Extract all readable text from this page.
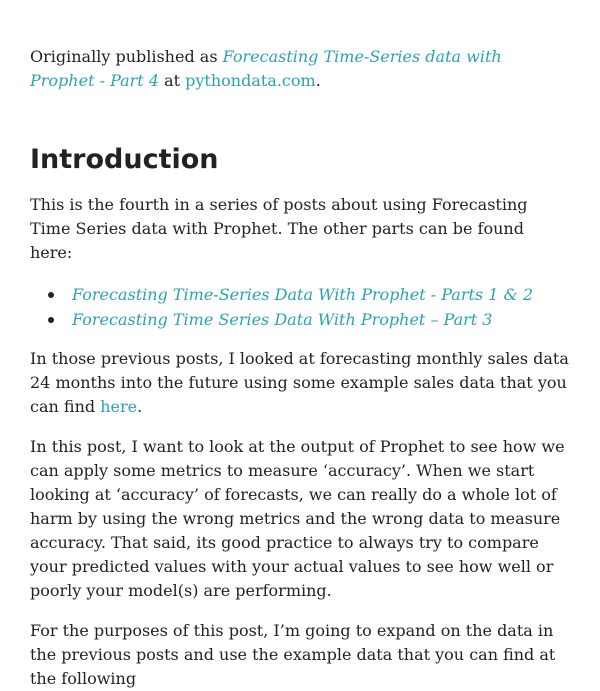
Originally published as Forecasting Time-Series data with Prophet - Part 4 at pythondata.com.

Introduction

This is the fourth in a series of posts about using Forecasting Time Series data with Prophet. The other parts can be found here:

Forecasting Time-Series Data With Prophet - Parts 1 & 2
Forecasting Time Series Data With Prophet – Part 3

In those previous posts, I looked at forecasting monthly sales data 24 months into the future using some example sales data that you can find here.

In this post, I want to look at the output of Prophet to see how we can apply some metrics to measure ‘accuracy’. When we start looking at ‘accuracy’ of forecasts, we can really do a whole lot of harm by using the wrong metrics and the wrong data to measure accuracy. That said, its good practice to always try to compare your predicted values with your actual values to see how well or poorly your model(s) are performing.

For the purposes of this post, I’m going to expand on the data in the previous posts and use the example data that you can find at the following
